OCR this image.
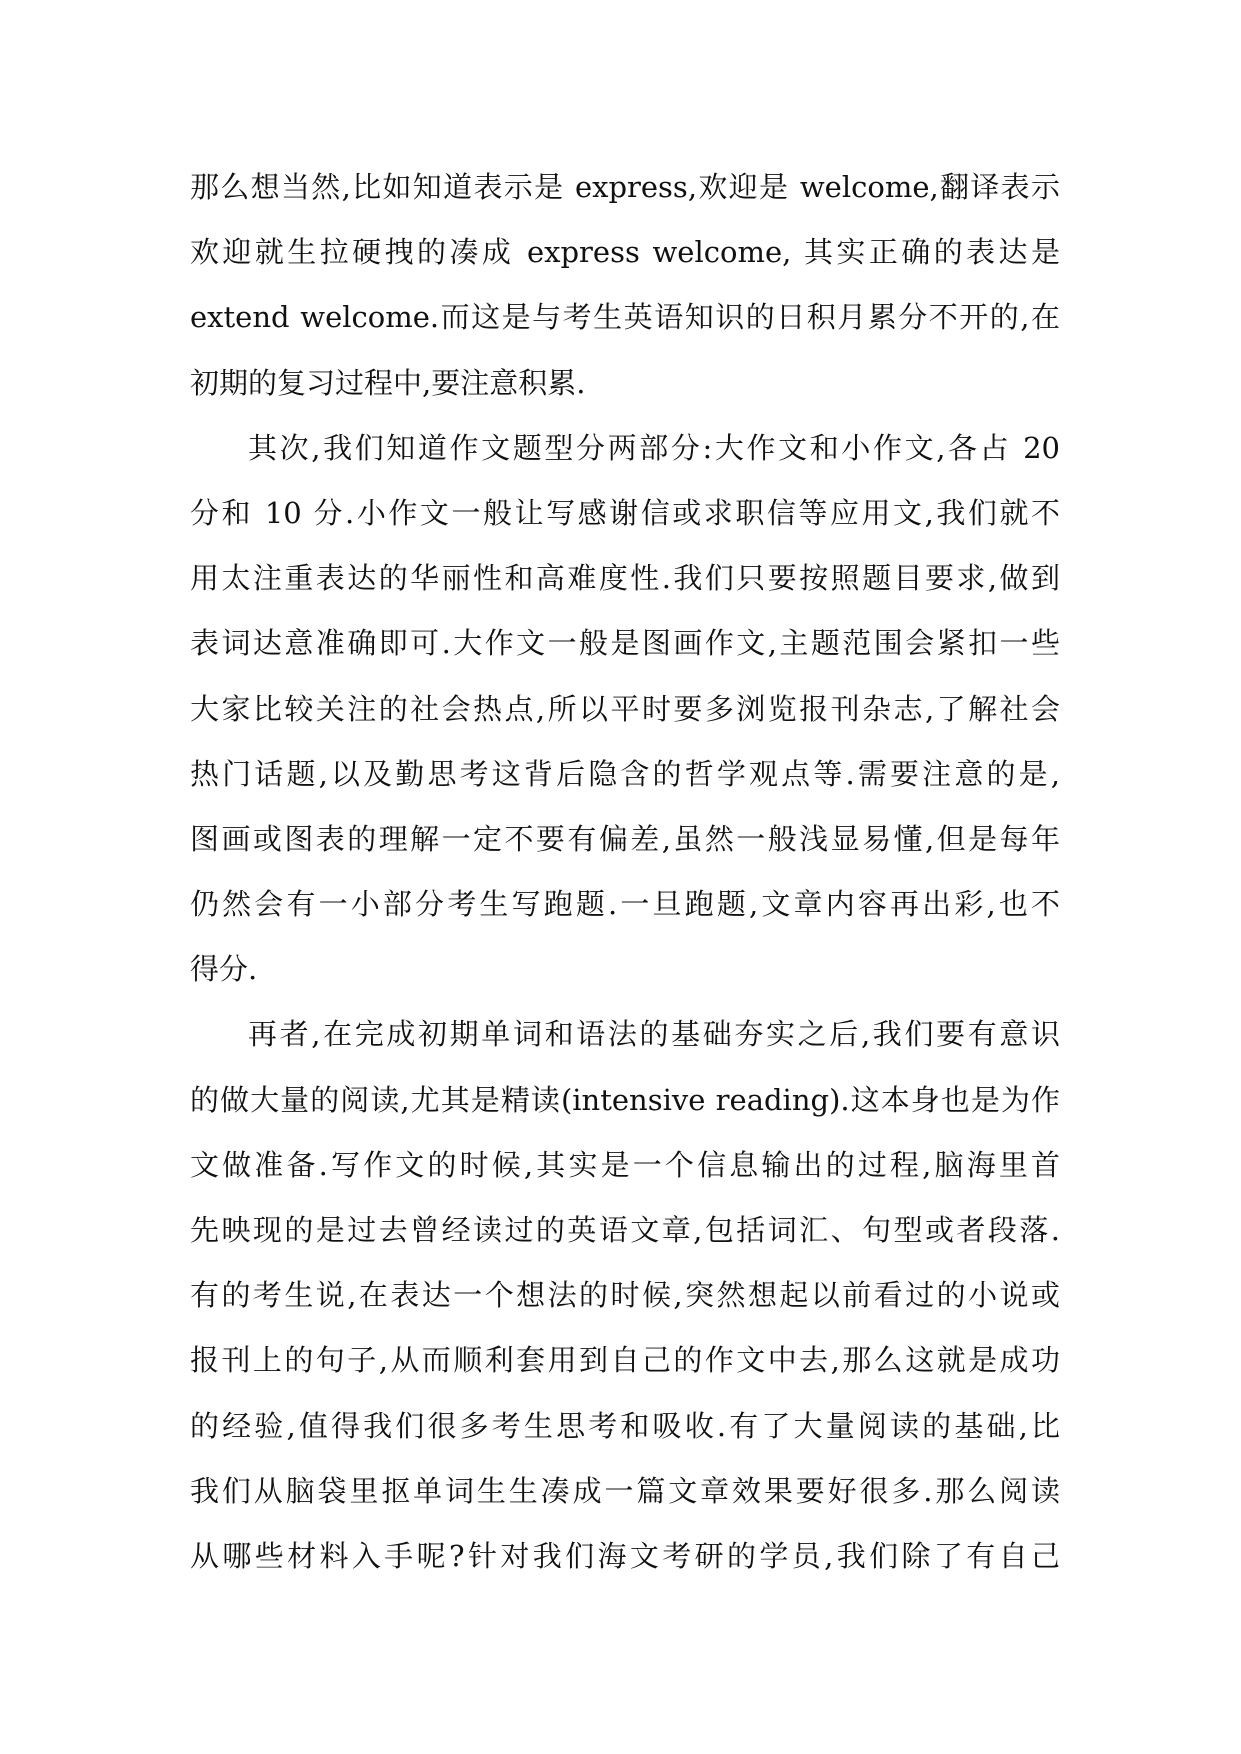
那么想当然,比如知道表示是 express,欢迎是 welcome,翻译表示
欢迎就生拉硬拽的凑成 express welcome, 其实正确的表达是
extend welcome.而这是与考生英语知识的日积月累分不开的,在
初期的复习过程中,要注意积累.
其次,我们知道作文题型分两部分:大作文和小作文,各占 20
分和 10 分.小作文一般让写感谢信或求职信等应用文,我们就不
用太注重表达的华丽性和高难度性.我们只要按照题目要求,做到
表词达意准确即可.大作文一般是图画作文,主题范围会紧扣一些
大家比较关注的社会热点,所以平时要多浏览报刊杂志,了解社会
热门话题,以及勤思考这背后隐含的哲学观点等.需要注意的是,
图画或图表的理解一定不要有偏差,虽然一般浅显易懂,但是每年
仍然会有一小部分考生写跑题.一旦跑题,文章内容再出彩,也不
得分.
再者,在完成初期单词和语法的基础夯实之后,我们要有意识
的做大量的阅读,尤其是精读(intensive reading).这本身也是为作
文做准备.写作文的时候,其实是一个信息输出的过程,脑海里首
先映现的是过去曾经读过的英语文章,包括词汇、句型或者段落.
有的考生说,在表达一个想法的时候,突然想起以前看过的小说或
报刊上的句子,从而顺利套用到自己的作文中去,那么这就是成功
的经验,值得我们很多考生思考和吸收.有了大量阅读的基础,比
我们从脑袋里抠单词生生凑成一篇文章效果要好很多.那么阅读
从哪些材料入手呢?针对我们海文考研的学员,我们除了有自己
